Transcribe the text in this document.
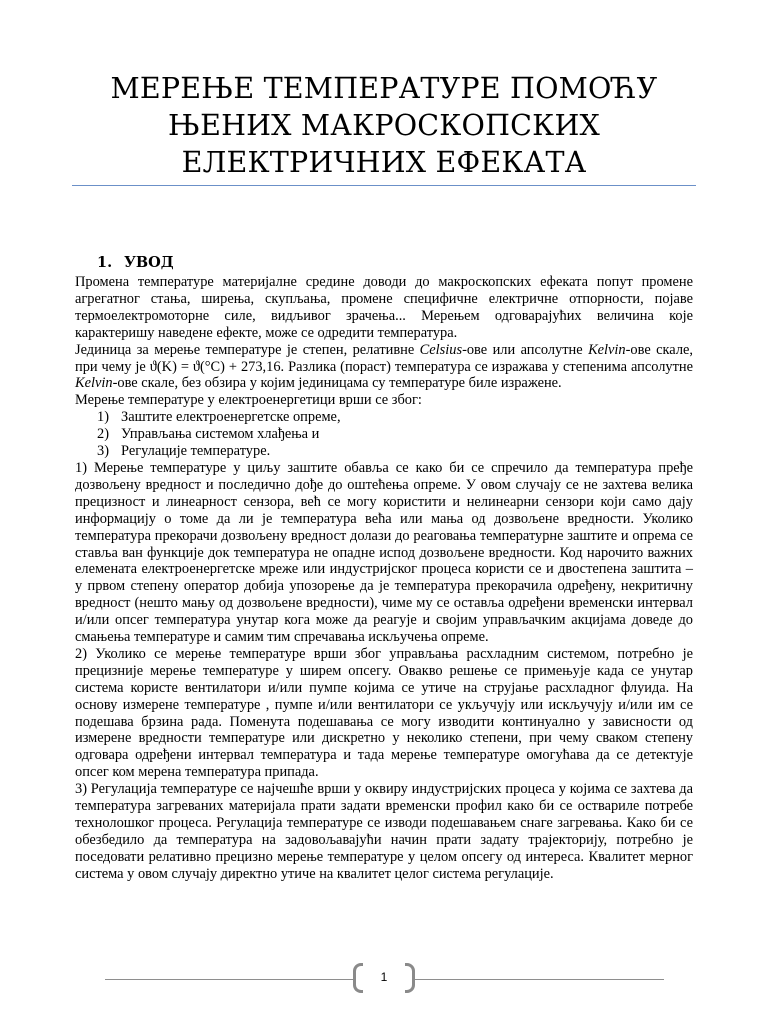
МЕРЕЊЕ ТЕМПЕРАТУРЕ ПОМОЋУ
ЊЕНИХ МАКРОСКОПСКИХ
ЕЛЕКТРИЧНИХ ЕФЕКАТА
1. УВОД

Промена температуре материјалне средине доводи до макроскопских ефеката попут промене агрегатног стања, ширења, скупљања, промене специфичне електричне отпорности, појаве термоелектромоторне силе, видљивог зрачења... Мерењем одговарајућих величина које карактеришу наведене ефекте, може се одредити температура.

Јединица за мерење температуре је степен, релативне Celsius-ове или апсолутне Kelvin-ове скале, при чему је ϑ(K) = ϑ(°C) + 273,16. Разлика (пораст) температура се изражава у степенима апсолутне Kelvin-ове скале, без обзира у којим јединицама су температуре биле изражене.

Мерење температуре у електроенергетици врши се због:

1) Заштите електроенергетске опреме,
2) Управљања системом хлађења и
3) Регулације температуре.

1) Мерење температуре у циљу заштите обавља се како би се спречило да температура пређе дозвољену вредност и последично дође до оштећења опреме. У овом случају се не захтева велика прецизност и линеарност сензора, већ се могу користити и нелинеарни сензори који само дају информацију о томе да ли је температура већа или мања од дозвољене вредности. Уколико температура прекорачи дозвољену вредност долази до реаговања температурне заштите и опрема се ставља ван функције док температура не опадне испод дозвољене вредности. Код нарочито важних елемената електроенергетске мреже или индустријског процеса користи се и двостепена заштита – у првом степену оператор добија упозорење да је температура прекорачила одређену, некритичну вредност (нешто мању од дозвољене вредности), чиме му се оставља одређени временски интервал и/или опсег температура унутар кога може да реагује и својим управљачким акцијама доведе до смањења температуре и самим тим спречавања искључења опреме.

2) Уколико се мерење температуре врши због управљања расхладним системом, потребно је прецизније мерење температуре у ширем опсегу. Овакво решење се примењује када се унутар система користе вентилатори и/или пумпе којима се утиче на струјање расхладног флуида. На основу измерене температуре , пумпе и/или вентилатори се укључују или искључују и/или им се подешава брзина рада. Поменута подешавања се могу изводити континуално у зависности од измерене вредности температуре или дискретно у неколико степени, при чему сваком степену одговара одређени интервал температура и тада мерење температуре омогућава да се детектује опсег ком мерена температура припада.

3) Регулација температуре се најчешће врши у оквиру индустријских процеса у којима се захтева да температура загреваних материјала прати задати временски профил како би се оствариле потребе технолошког процеса. Регулација температуре се изводи подешавањем снаге загревања. Како би се обезбедило да температура на задовољавајући начин прати задату трајекторију, потребно је поседовати релативно прецизно мерење температуре у целом опсегу од интереса. Квалитет мерног система у овом случају директно утиче на квалитет целог система регулације.

1
